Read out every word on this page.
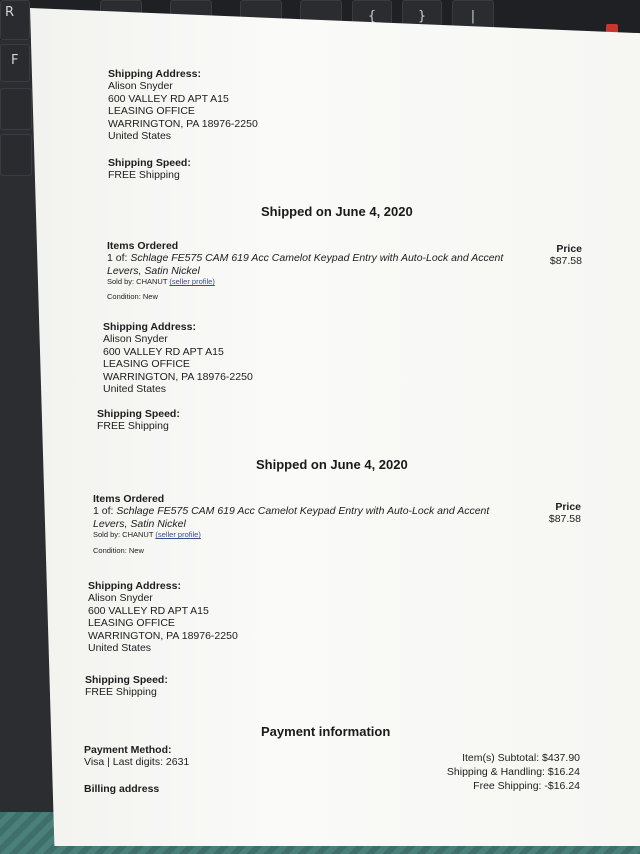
{	}	|
R
F
Shipping Address:
Alison Snyder
600 VALLEY RD APT A15
LEASING OFFICE
WARRINGTON, PA 18976-2250
United States
Shipping Speed:
FREE Shipping
Shipped on June 4, 2020
Items Ordered
1 of: Schlage FE575 CAM 619 Acc Camelot Keypad Entry with Auto-Lock and Accent
Levers, Satin Nickel
Sold by: CHANUT (seller profile)
Condition: New
Price
$87.58
Shipping Address:
Alison Snyder
600 VALLEY RD APT A15
LEASING OFFICE
WARRINGTON, PA 18976-2250
United States
Shipping Speed:
FREE Shipping
Shipped on June 4, 2020
Items Ordered
1 of: Schlage FE575 CAM 619 Acc Camelot Keypad Entry with Auto-Lock and Accent
Levers, Satin Nickel
Sold by: CHANUT (seller profile)
Condition: New
Price
$87.58
Shipping Address:
Alison Snyder
600 VALLEY RD APT A15
LEASING OFFICE
WARRINGTON, PA 18976-2250
United States
Shipping Speed:
FREE Shipping
Payment information
Payment Method:
Visa | Last digits: 2631
Billing address
Item(s) Subtotal: $437.90
Shipping & Handling: $16.24
Free Shipping: -$16.24
